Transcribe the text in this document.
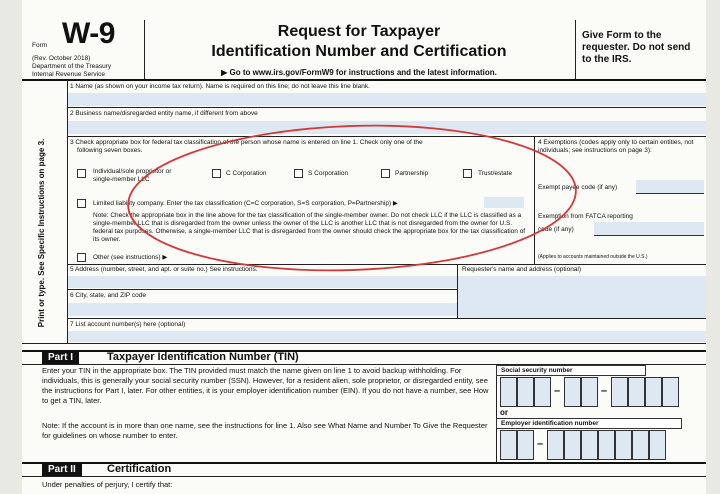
Form W-9
(Rev. October 2018)
Department of the Treasury
Internal Revenue Service
Request for Taxpayer
Identification Number and Certification
▶ Go to www.irs.gov/FormW9 for instructions and the latest information.
Give Form to the requester. Do not send to the IRS.
Print or type. See Specific Instructions on page 3.
1 Name (as shown on your income tax return). Name is required on this line; do not leave this line blank.
2 Business name/disregarded entity name, if different from above
3 Check appropriate box for federal tax classification of the person whose name is entered on line 1. Check only one of the
following seven boxes.
Individual/sole proprietor or single-member LLC
C Corporation	S Corporation	Partnership	Trust/estate
Limited liability company. Enter the tax classification (C=C corporation, S=S corporation, P=Partnership) ▶
Note: Check the appropriate box in the line above for the tax classification of the single-member owner. Do not check LLC if the LLC is classified as a single-member LLC that is disregarded from the owner unless the owner of the LLC is another LLC that is not disregarded from the owner for U.S. federal tax purposes. Otherwise, a single-member LLC that is disregarded from the owner should check the appropriate box for the tax classification of its owner.
Other (see instructions) ▶
4 Exemptions (codes apply only to certain entities, not individuals; see instructions on page 3):
Exempt payee code (if any)
Exemption from FATCA reporting
code (if any)
(Applies to accounts maintained outside the U.S.)
5 Address (number, street, and apt. or suite no.) See instructions.	Requester's name and address (optional)
6 City, state, and ZIP code
7 List account number(s) here (optional)
Part I	Taxpayer Identification Number (TIN)
Enter your TIN in the appropriate box. The TIN provided must match the name given on line 1 to avoid backup withholding. For individuals, this is generally your social security number (SSN). However, for a resident alien, sole proprietor, or disregarded entity, see the instructions for Part I, later. For other entities, it is your employer identification number (EIN). If you do not have a number, see How to get a TIN, later.
Note: If the account is in more than one name, see the instructions for line 1. Also see What Name and Number To Give the Requester for guidelines on whose number to enter.
Social security number
–	–
or
Employer identification number
–
Part II	Certification
Under penalties of perjury, I certify that:
